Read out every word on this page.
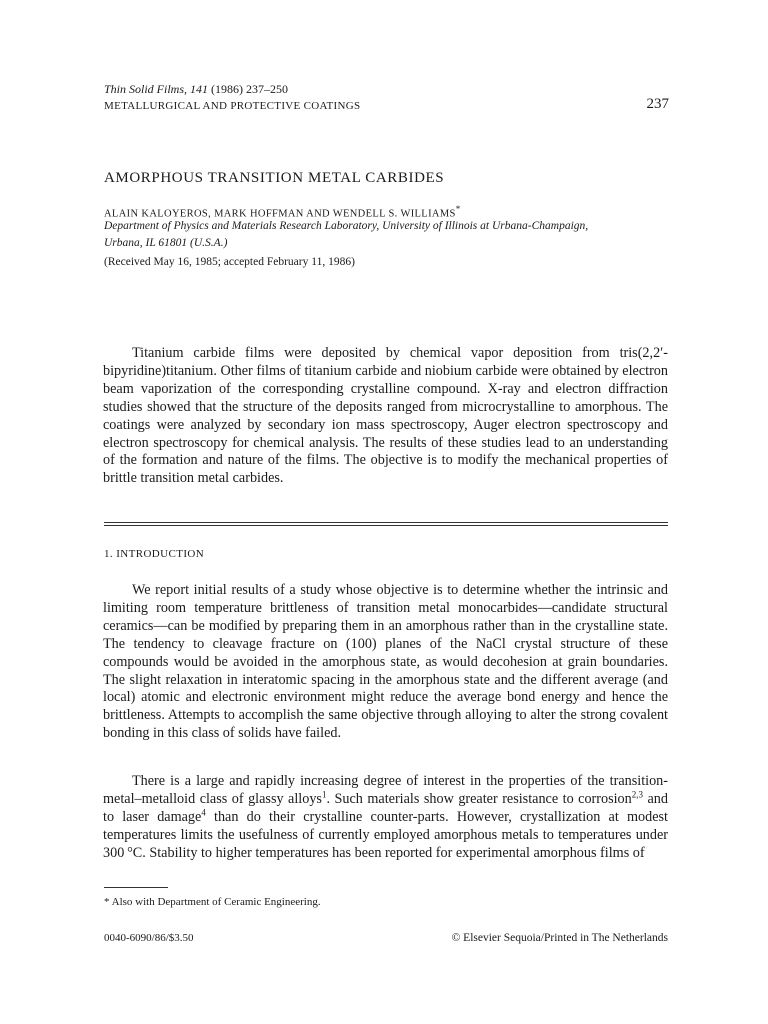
Thin Solid Films, 141 (1986) 237–250
METALLURGICAL AND PROTECTIVE COATINGS	237
AMORPHOUS TRANSITION METAL CARBIDES
ALAIN KALOYEROS, MARK HOFFMAN AND WENDELL S. WILLIAMS*
Department of Physics and Materials Research Laboratory, University of Illinois at Urbana-Champaign,
Urbana, IL 61801 (U.S.A.)
(Received May 16, 1985; accepted February 11, 1986)

Titanium carbide films were deposited by chemical vapor deposition from tris(2,2′-bipyridine)titanium. Other films of titanium carbide and niobium carbide were obtained by electron beam vaporization of the corresponding crystalline compound. X-ray and electron diffraction studies showed that the structure of the deposits ranged from microcrystalline to amorphous. The coatings were analyzed by secondary ion mass spectroscopy, Auger electron spectroscopy and electron spectroscopy for chemical analysis. The results of these studies lead to an understanding of the formation and nature of the films. The objective is to modify the mechanical properties of brittle transition metal carbides.

1. INTRODUCTION

We report initial results of a study whose objective is to determine whether the intrinsic and limiting room temperature brittleness of transition metal monocarbides—candidate structural ceramics—can be modified by preparing them in an amorphous rather than in the crystalline state. The tendency to cleavage fracture on (100) planes of the NaCl crystal structure of these compounds would be avoided in the amorphous state, as would decohesion at grain boundaries. The slight relaxation in interatomic spacing in the amorphous state and the different average (and local) atomic and electronic environment might reduce the average bond energy and hence the brittleness. Attempts to accomplish the same objective through alloying to alter the strong covalent bonding in this class of solids have failed.

There is a large and rapidly increasing degree of interest in the properties of the transition-metal–metalloid class of glassy alloys$^1$. Such materials show greater resistance to corrosion$^{2,3}$ and to laser damage$^4$ than do their crystalline counter-parts. However, crystallization at modest temperatures limits the usefulness of currently employed amorphous metals to temperatures under 300 °C. Stability to higher temperatures has been reported for experimental amorphous films of

* Also with Department of Ceramic Engineering.
0040-6090/86/$3.50	© Elsevier Sequoia/Printed in The Netherlands
